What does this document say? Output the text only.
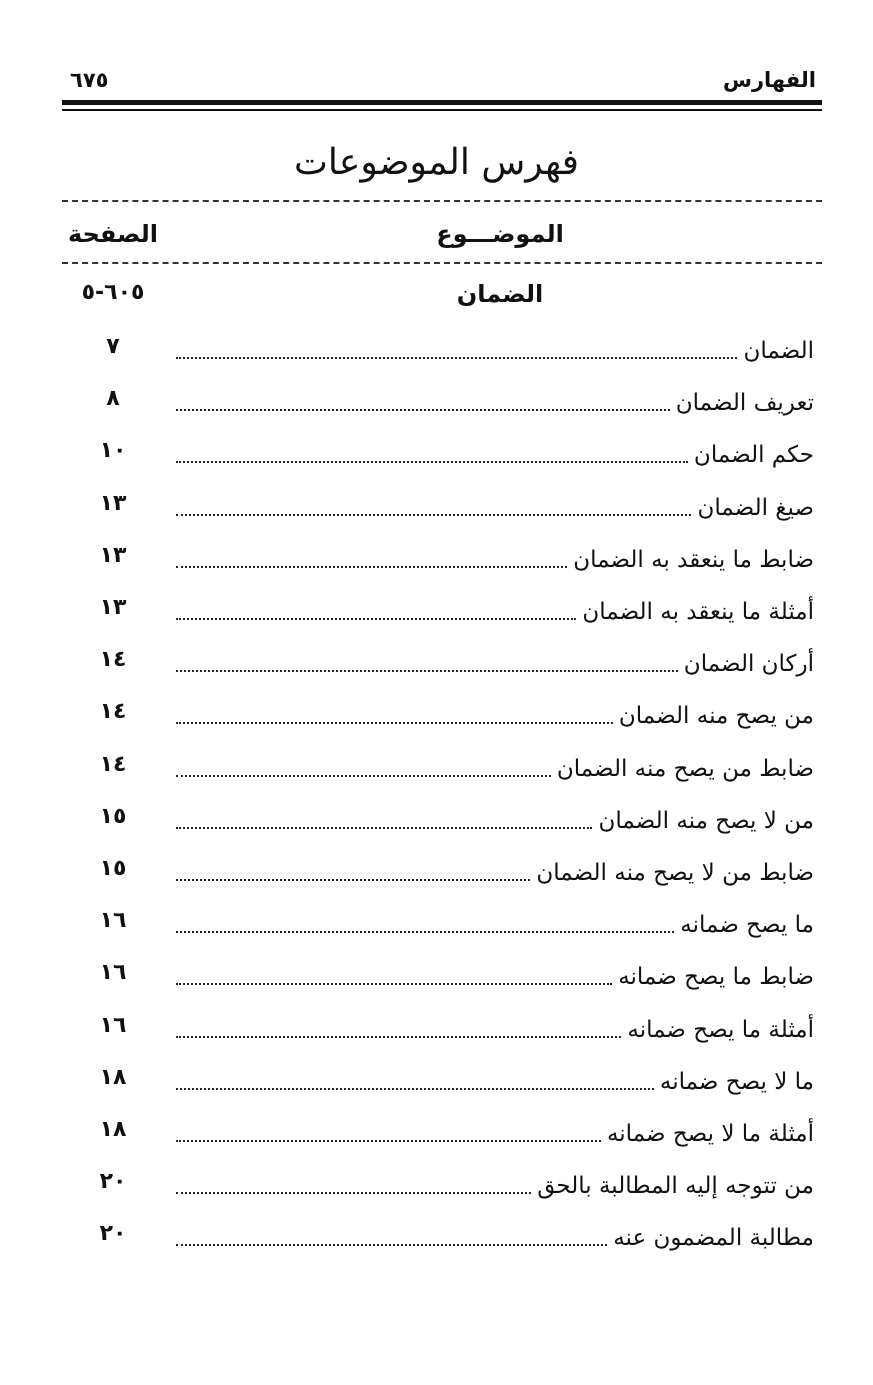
الفهارس
٦٧٥
فهرس الموضوعات
الموضـــوع
الصفحة
الضمان
٦٠٥-٥
الضمان
٧
تعريف الضمان
٨
حكم الضمان
١٠
صيغ الضمان
١٣
ضابط ما ينعقد به الضمان
١٣
أمثلة ما ينعقد به الضمان
١٣
أركان الضمان
١٤
من يصح منه الضمان
١٤
ضابط من يصح منه الضمان
١٤
من لا يصح منه الضمان
١٥
ضابط من لا يصح منه الضمان
١٥
ما يصح ضمانه
١٦
ضابط ما يصح ضمانه
١٦
أمثلة ما يصح ضمانه
١٦
ما لا يصح ضمانه
١٨
أمثلة ما لا يصح ضمانه
١٨
من تتوجه إليه المطالبة بالحق
٢٠
مطالبة المضمون عنه
٢٠
